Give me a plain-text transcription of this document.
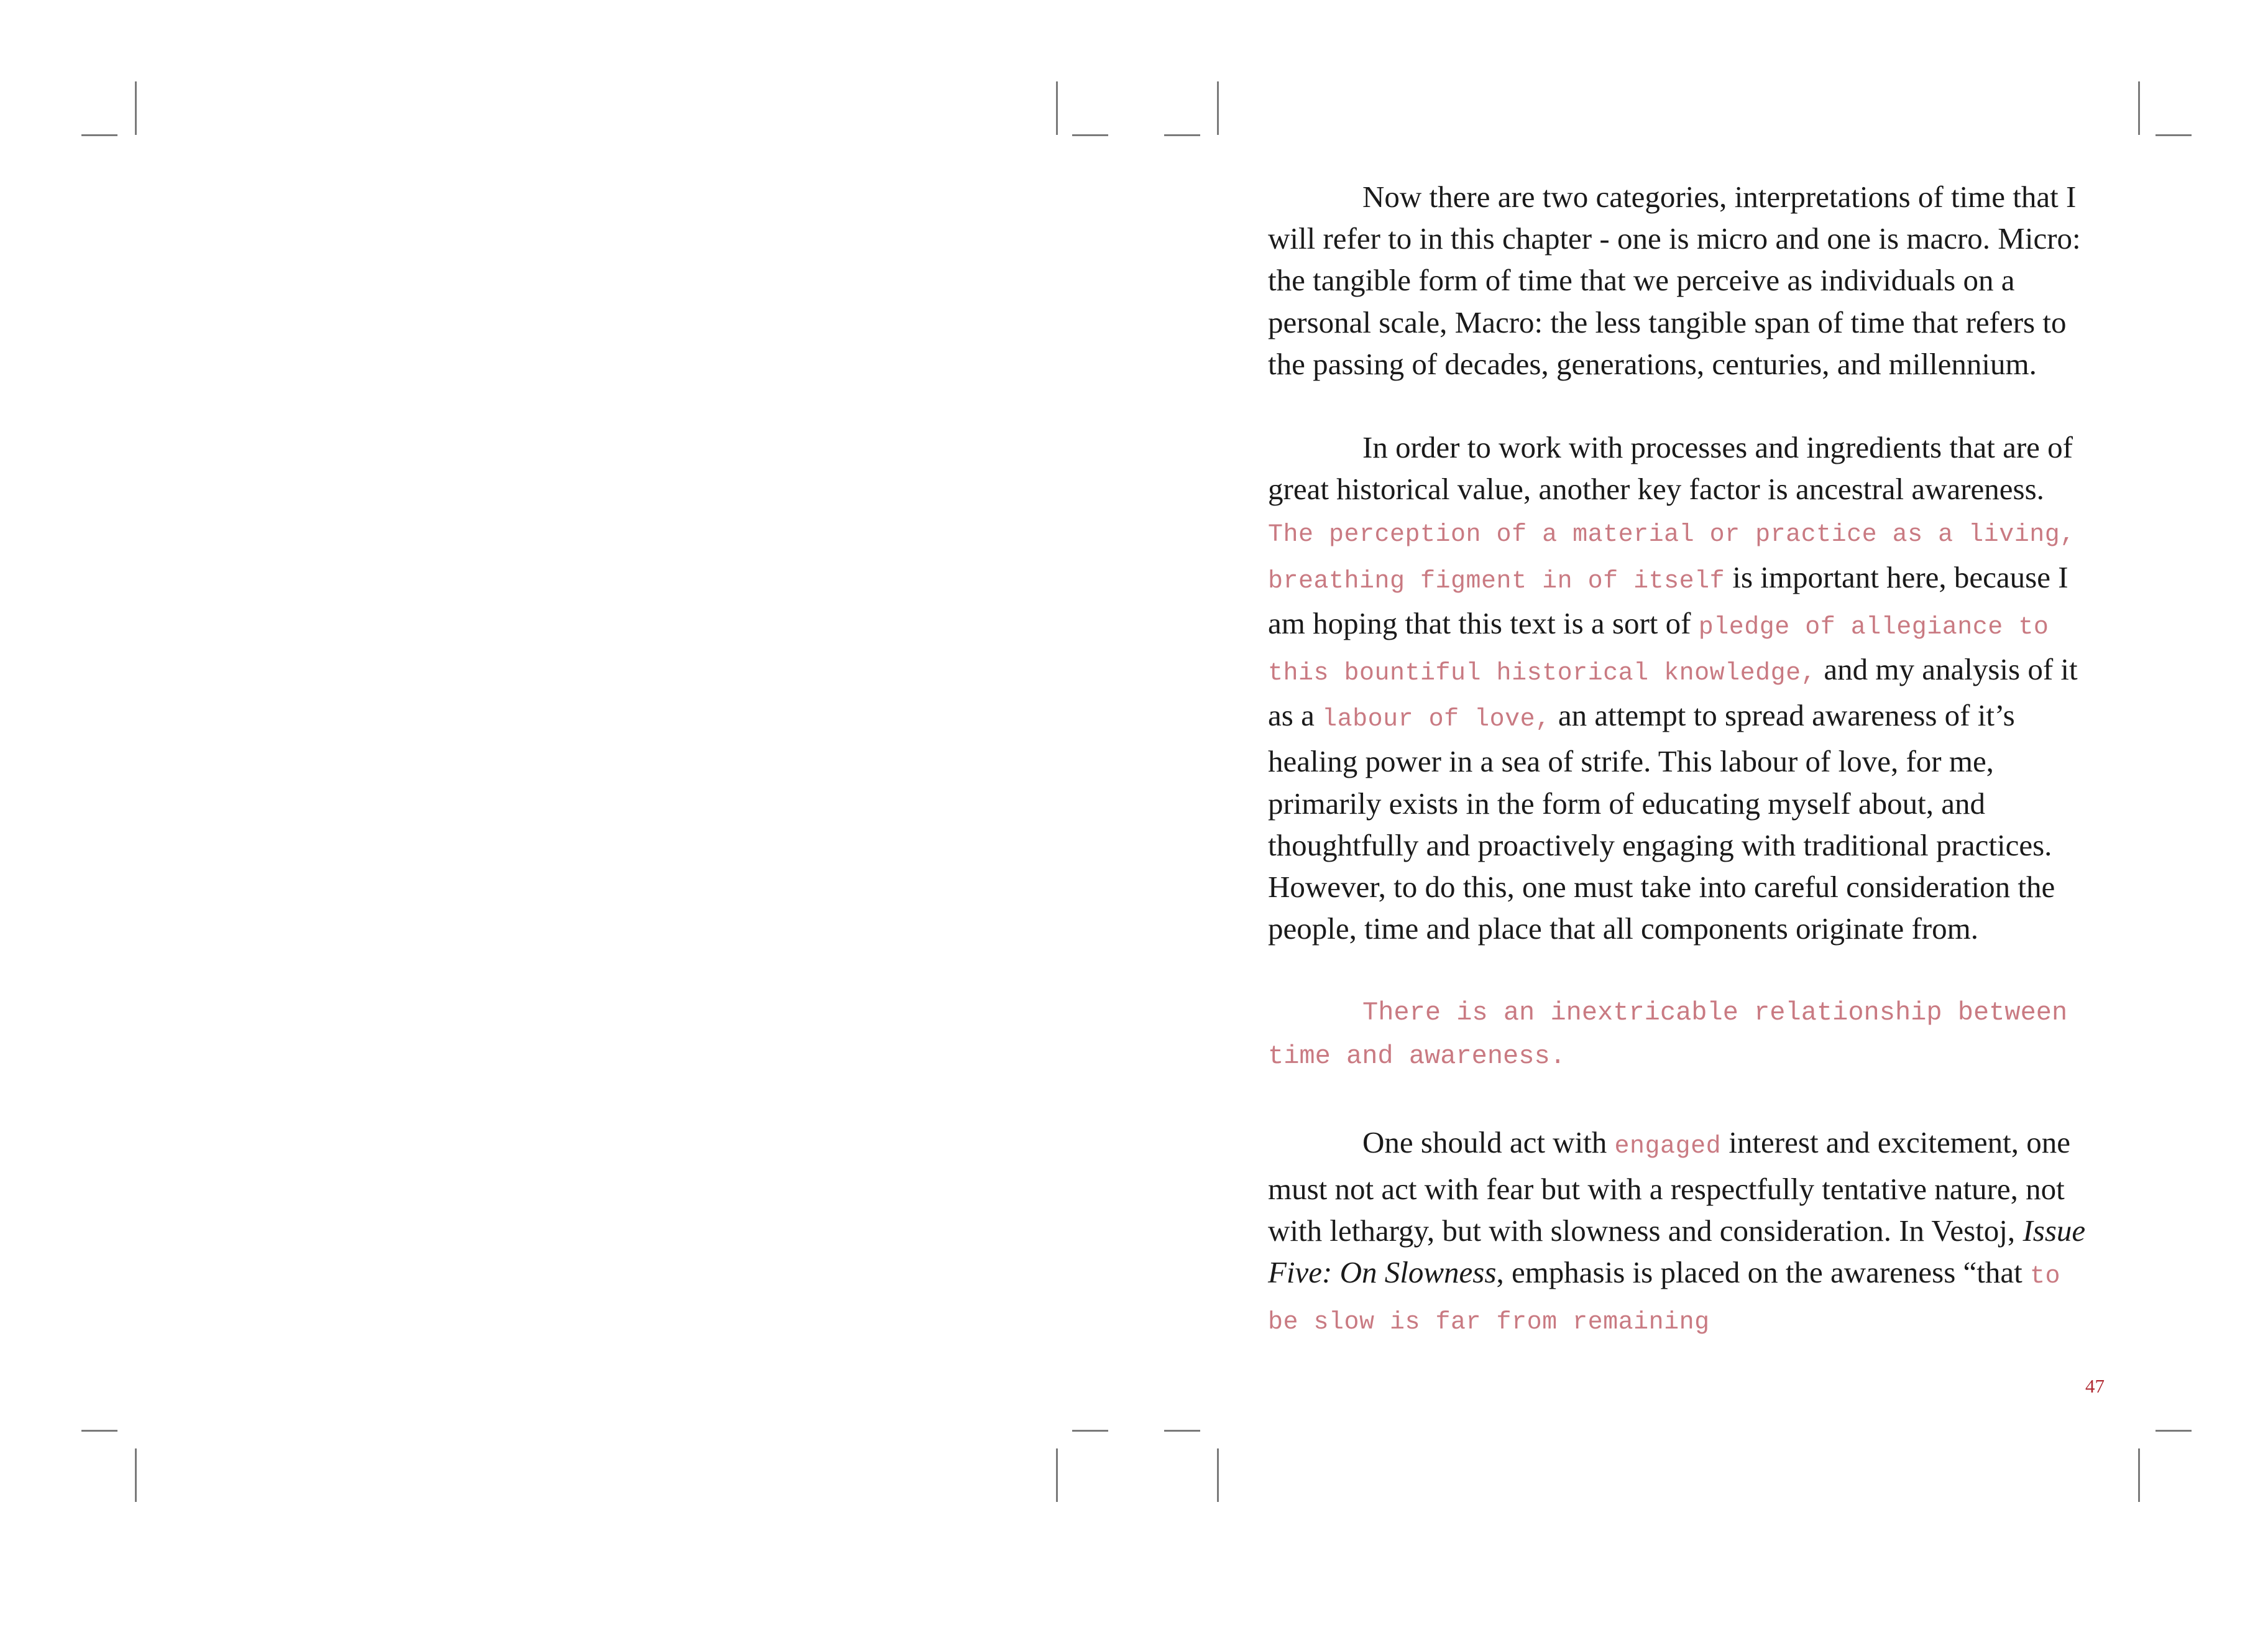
Now there are two categories, interpretations of time that I will refer to in this chapter - one is micro and one is macro. Micro: the tangible form of time that we perceive as individuals on a personal scale, Macro: the less tangible span of time that refers to the passing of decades, generations, centuries, and millennium.

In order to work with processes and ingredients that are of great historical value, another key factor is ancestral awareness. The perception of a material or practice as a living, breathing figment in of itself is important here, because I am hoping that this text is a sort of pledge of allegiance to this bountiful historical knowledge, and my analysis of it as a labour of love, an attempt to spread awareness of it’s healing power in a sea of strife. This labour of love, for me, primarily exists in the form of educating myself about, and thoughtfully and proactively engaging with traditional practices. However, to do this, one must take into careful consideration the people, time and place that all components originate from.

There is an inextricable relationship between time and awareness.

One should act with engaged interest and excitement, one must not act with fear but with a respectfully tentative nature, not with lethargy, but with slowness and consideration. In Vestoj, Issue Five: On Slowness, emphasis is placed on the awareness “that to be slow is far from remaining

47
